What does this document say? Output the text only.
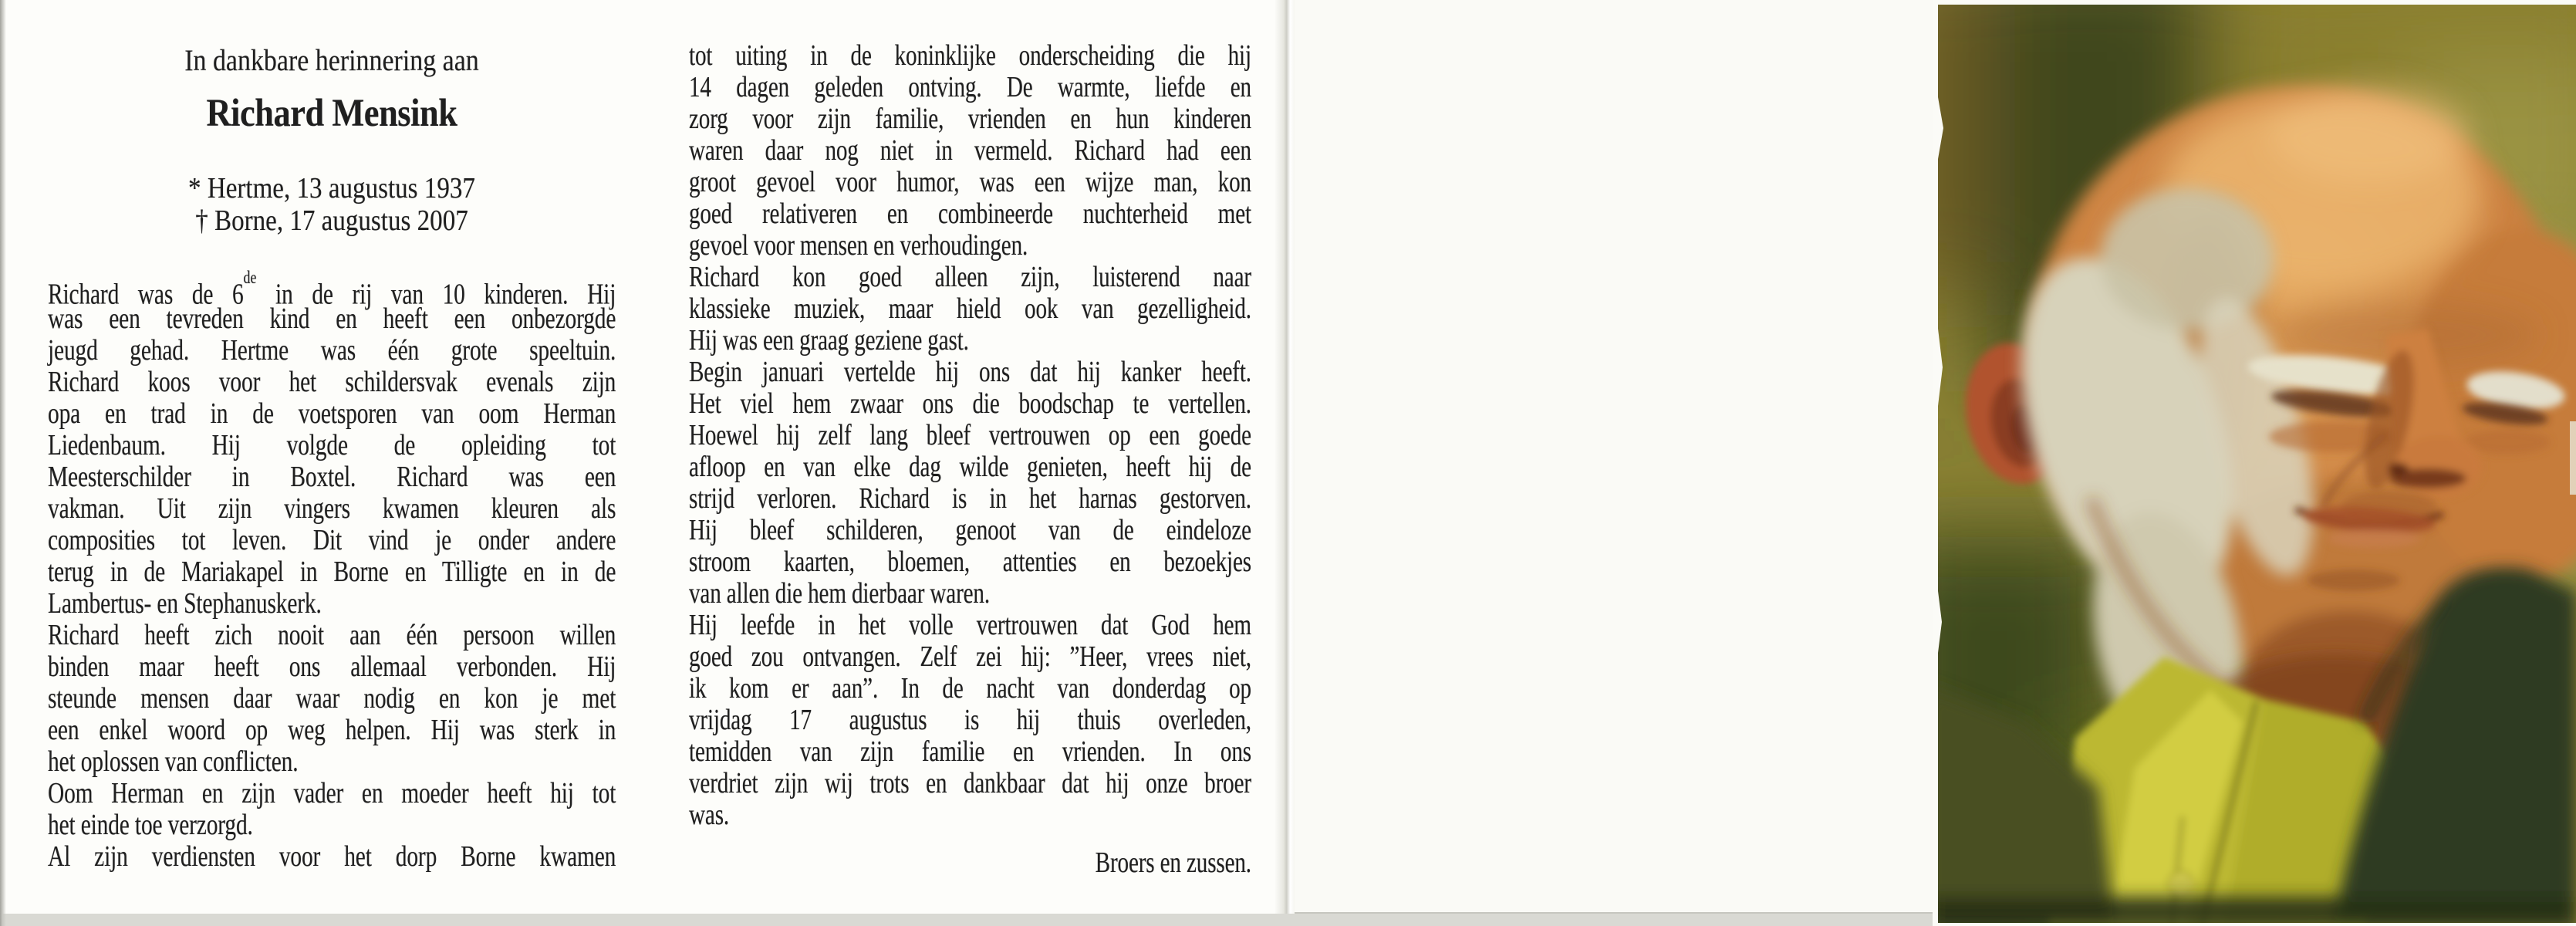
In dankbare herinnering aan
Richard Mensink
* Hertme, 13 augustus 1937
† Borne, 17 augustus 2007
Richard was de 6de in de rij van 10 kinderen. Hij
was een tevreden kind en heeft een onbezorgde
jeugd gehad. Hertme was één grote speeltuin.
Richard koos voor het schildersvak evenals zijn
opa en trad in de voetsporen van oom Herman
Liedenbaum. Hij volgde de opleiding tot
Meesterschilder in Boxtel. Richard was een
vakman. Uit zijn vingers kwamen kleuren als
composities tot leven. Dit vind je onder andere
terug in de Mariakapel in Borne en Tilligte en in de
Lambertus- en Stephanuskerk.
Richard heeft zich nooit aan één persoon willen
binden maar heeft ons allemaal verbonden. Hij
steunde mensen daar waar nodig en kon je met
een enkel woord op weg helpen. Hij was sterk in
het oplossen van conflicten.
Oom Herman en zijn vader en moeder heeft hij tot
het einde toe verzorgd.
Al zijn verdiensten voor het dorp Borne kwamen
tot uiting in de koninklijke onderscheiding die hij
14 dagen geleden ontving. De warmte, liefde en
zorg voor zijn familie, vrienden en hun kinderen
waren daar nog niet in vermeld. Richard had een
groot gevoel voor humor, was een wijze man, kon
goed relativeren en combineerde nuchterheid met
gevoel voor mensen en verhoudingen.
Richard kon goed alleen zijn, luisterend naar
klassieke muziek, maar hield ook van gezelligheid.
Hij was een graag geziene gast.
Begin januari vertelde hij ons dat hij kanker heeft.
Het viel hem zwaar ons die boodschap te vertellen.
Hoewel hij zelf lang bleef vertrouwen op een goede
afloop en van elke dag wilde genieten, heeft hij de
strijd verloren. Richard is in het harnas gestorven.
Hij bleef schilderen, genoot van de eindeloze
stroom kaarten, bloemen, attenties en bezoekjes
van allen die hem dierbaar waren.
Hij leefde in het volle vertrouwen dat God hem
goed zou ontvangen. Zelf zei hij: ”Heer, vrees niet,
ik kom er aan”. In de nacht van donderdag op
vrijdag 17 augustus is hij thuis overleden,
temidden van zijn familie en vrienden. In ons
verdriet zijn wij trots en dankbaar dat hij onze broer
was.
Broers en zussen.
